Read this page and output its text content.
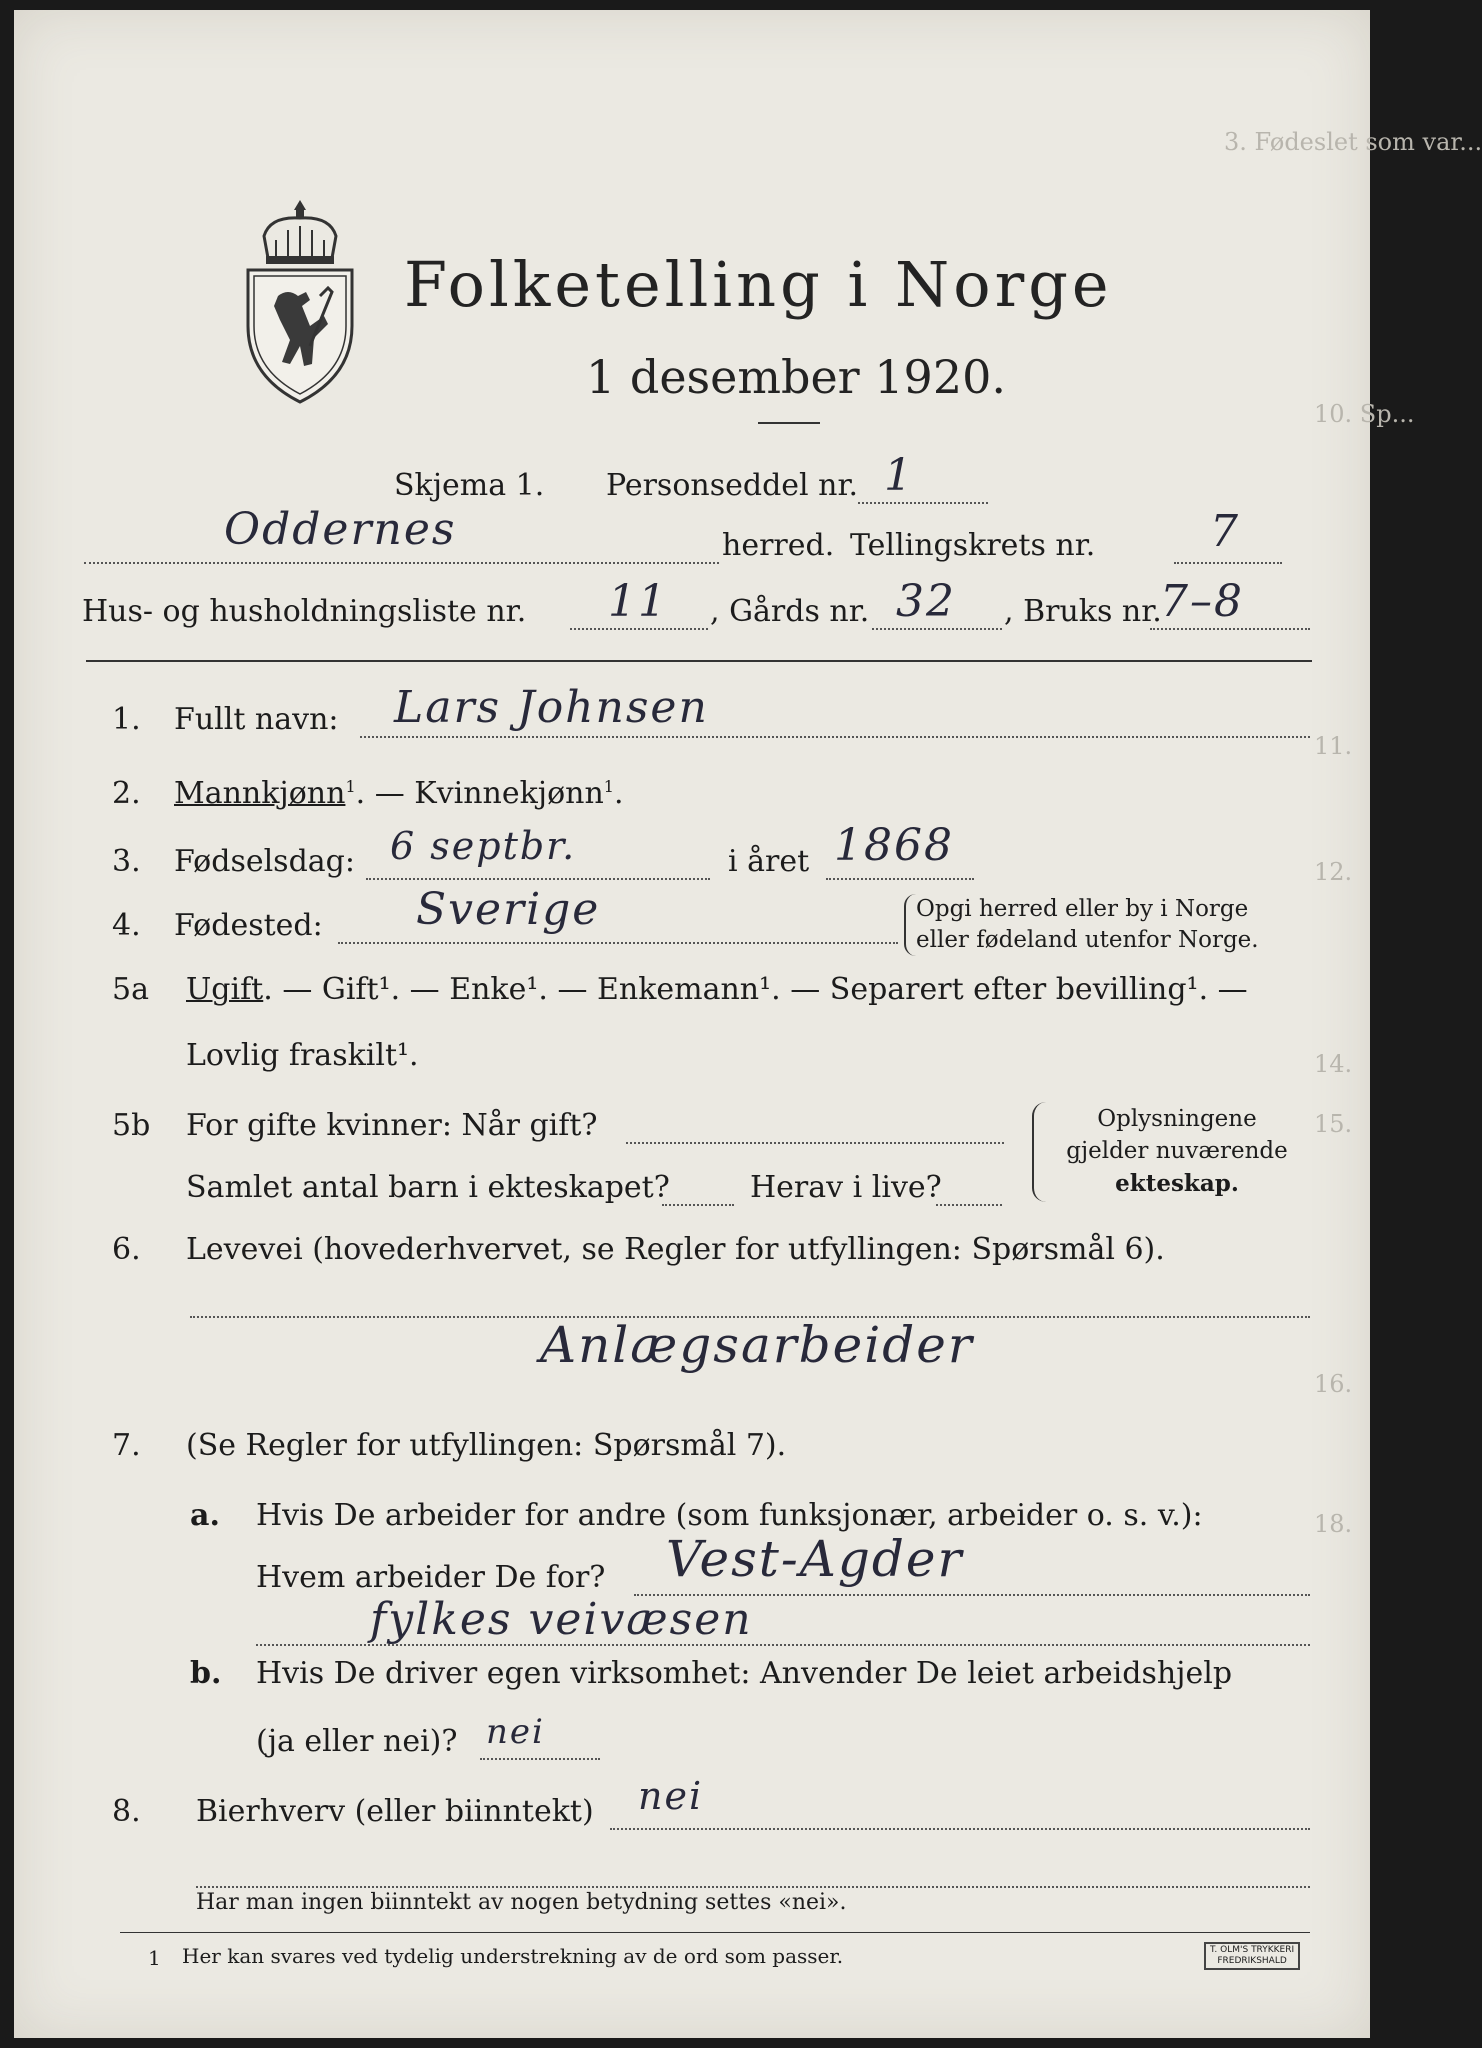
3. Fødeslet som var...
10. Sp...
11.
12.
14.
15.
16.
18.
Folketelling i Norge
1 desember 1920.
Skjema 1. Personseddel nr. 1
Oddernes	herred. Tellingskrets nr.	7
Hus- og husholdningsliste nr. 11 , Gårds nr. 32 , Bruks nr.
7–8
1. Fullt navn: Lars Johnsen
2. Mannkjønn$^1$. — Kvinnekjønn$^1$.
3. Fødselsdag: 6 septbr.	i året 1868
4. Fødested: Sverige	Opgi herred eller by i Norge
eller fødeland utenfor Norge.
5a Ugift. — Gift¹. — Enke¹. — Enkemann¹. — Separert efter bevilling¹. —
Lovlig fraskilt¹.
5b For gifte kvinner: Når gift?
Samlet antal barn i ekteskapet?	Herav i live?
Oplysningene
gjelder nuværende
ekteskap.
6. Levevei (hovederhvervet, se Regler for utfyllingen: Spørsmål 6).
Anlægsarbeider
7. (Se Regler for utfyllingen: Spørsmål 7).
a. Hvis De arbeider for andre (som funksjonær, arbeider o. s. v.):
Hvem arbeider De for? Vest-Agder
fylkes veivæsen
b. Hvis De driver egen virksomhet: Anvender De leiet arbeidshjelp
(ja eller nei)? nei
8. Bierhverv (eller biinntekt) nei
Har man ingen biinntekt av nogen betydning settes «nei».
1 Her kan svares ved tydelig understrekning av de ord som passer.	T. OLM'S TRYKKERI
FREDRIKSHALD
